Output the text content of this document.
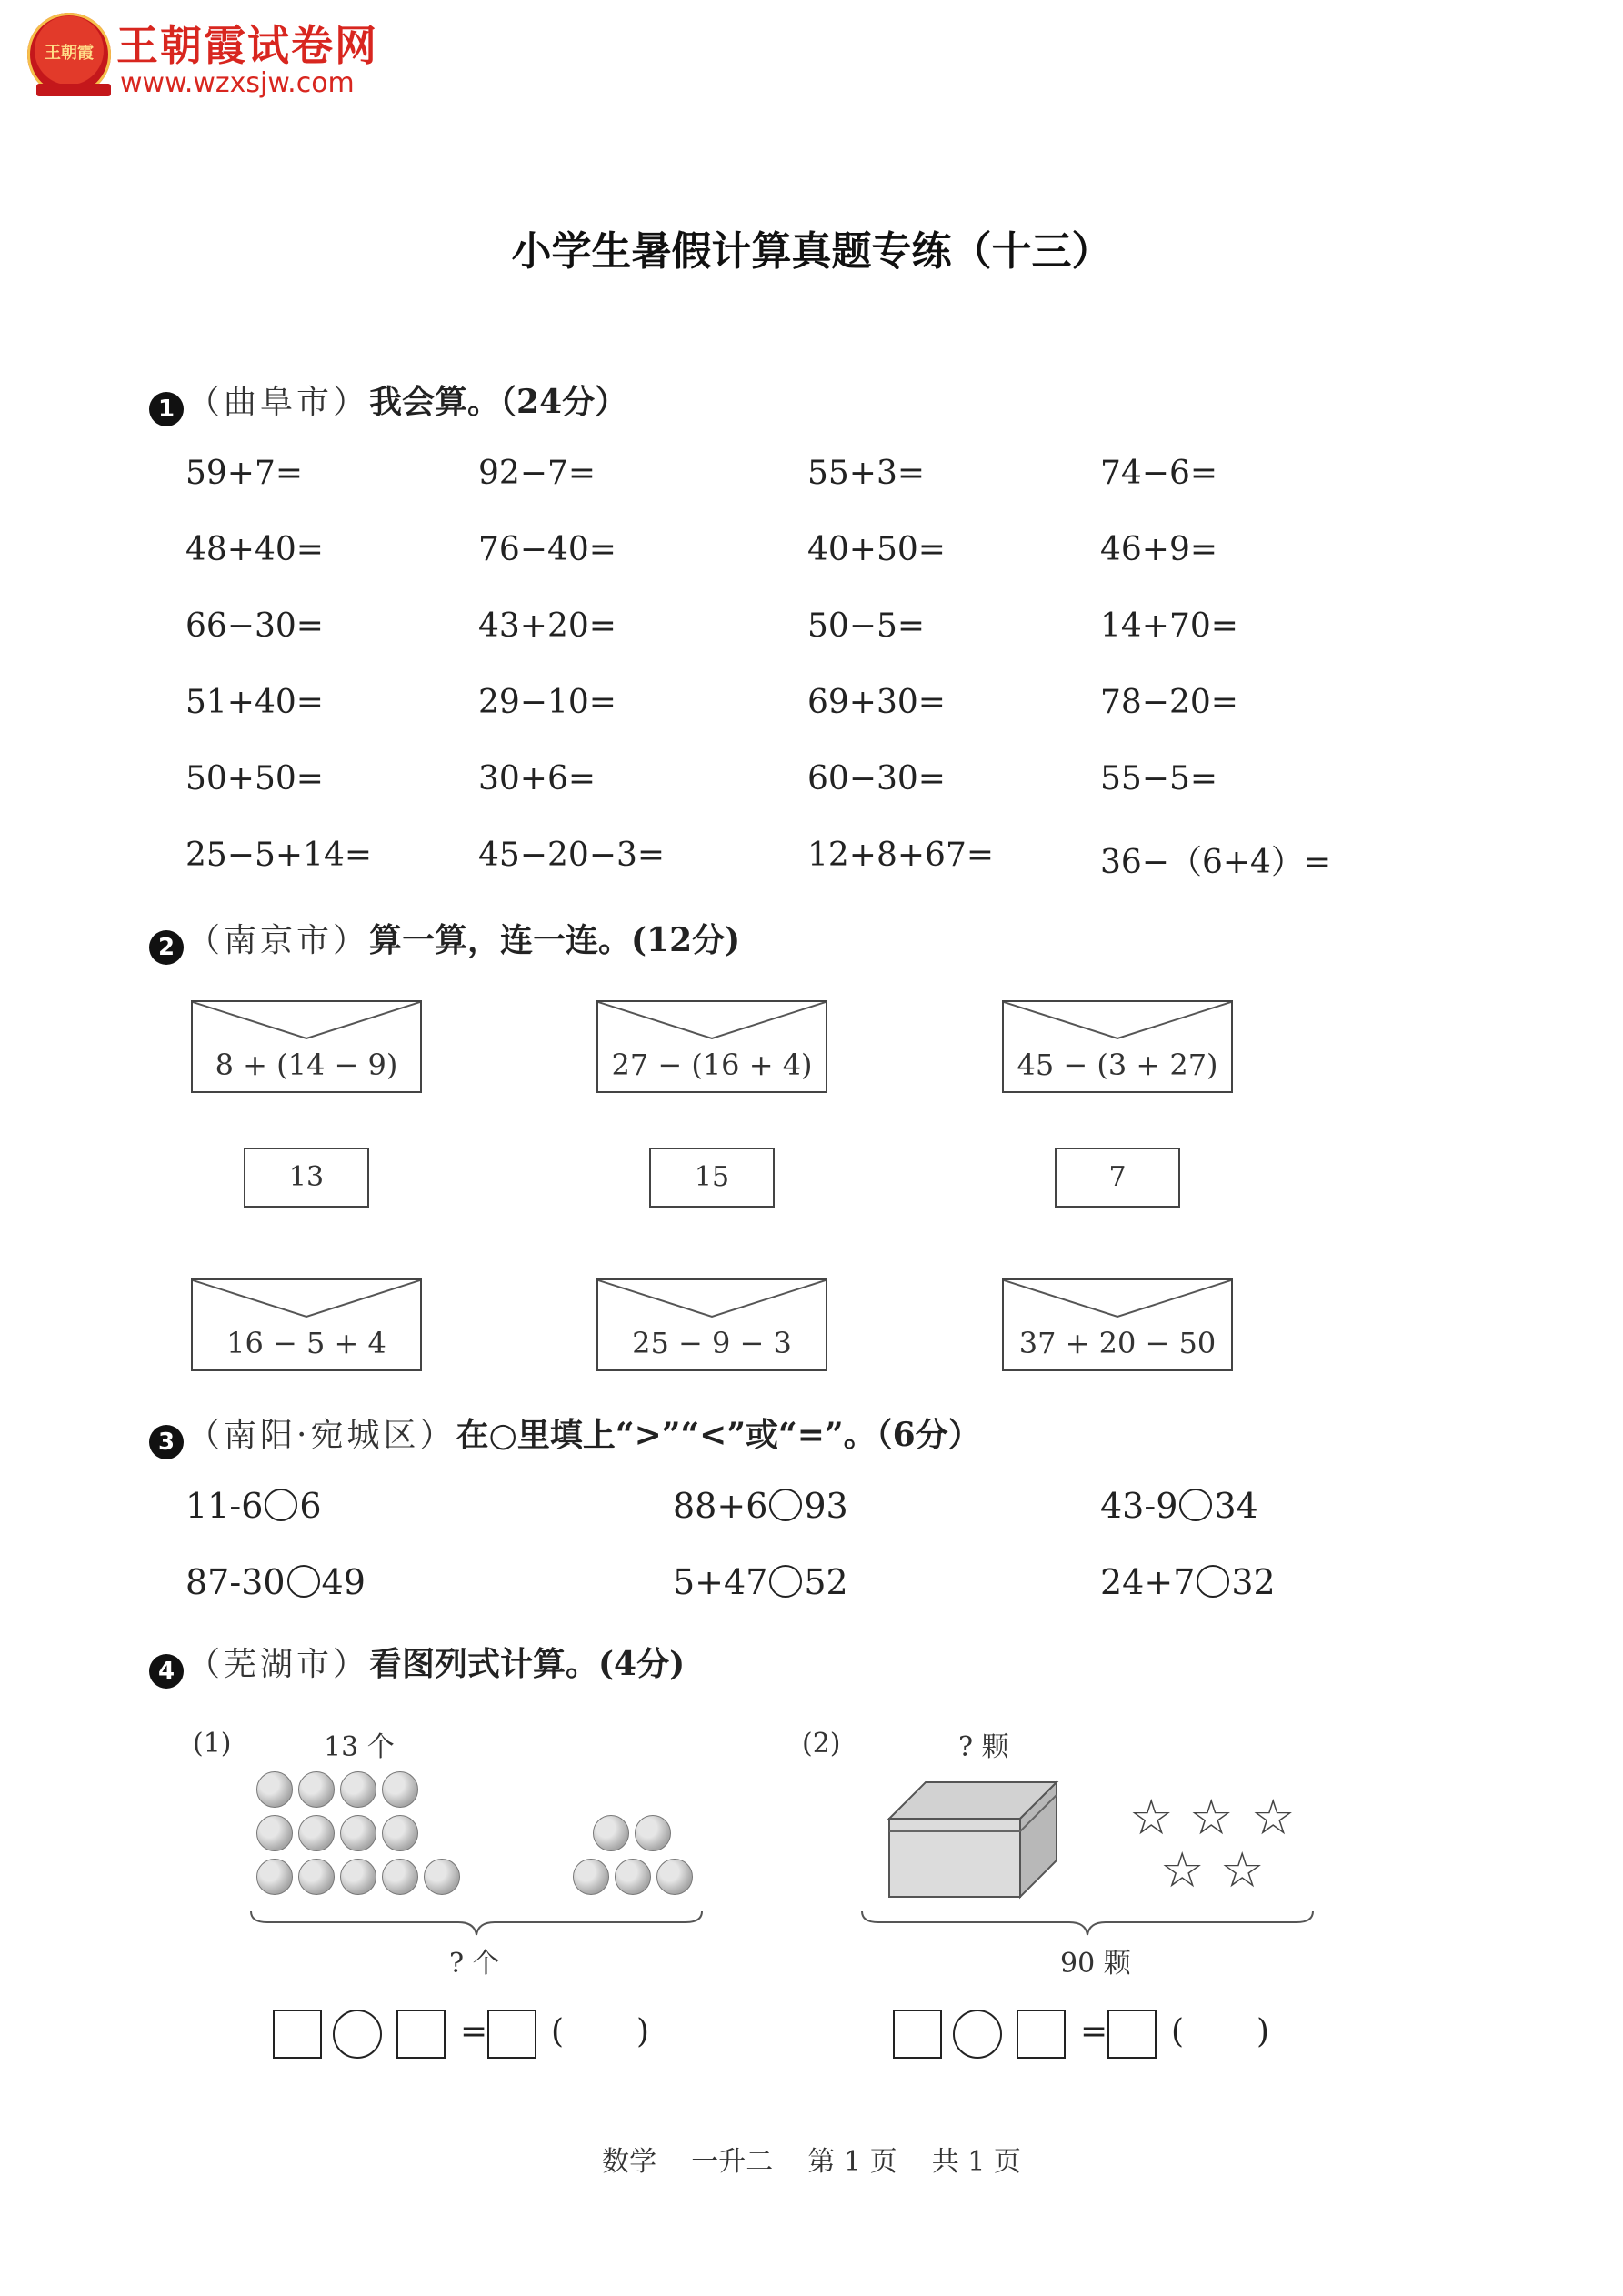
王朝霞 王朝霞试卷网
www.wzxsjw.com
小学生暑假计算真题专练（十三）
1 （曲阜市）我会算。（24分）
59+7=	92−7=	55+3=	74−6=
48+40=	76−40=	40+50=	46+9=
66−30=	43+20=	50−5=	14+70=
51+40=	29−10=	69+30=	78−20=
50+50=	30+6=	60−30=	55−5=
25−5+14=	45−20−3=	12+8+67=	36−（6+4）=
2 （南京市）算一算，连一连。(12分)
8 + (14 − 9)	27 − (16 + 4)	45 − (3 + 27)
16 − 5 + 4	25 − 9 − 3	37 + 20 − 50
13	15	7
3 （南阳·宛城区）在○里填上“>”“<”或“=”。（6分）
11-6 6	88+6 93	43-9 34
87-30 49	5+47 52	24+7 32
4 （芜湖市）看图列式计算。(4分)
(1)	13 个
? 个
(2)	? 颗
☆ ☆ ☆
☆ ☆
90 颗
= ( )	= ( )
数学 一升二 第 1 页 共 1 页
